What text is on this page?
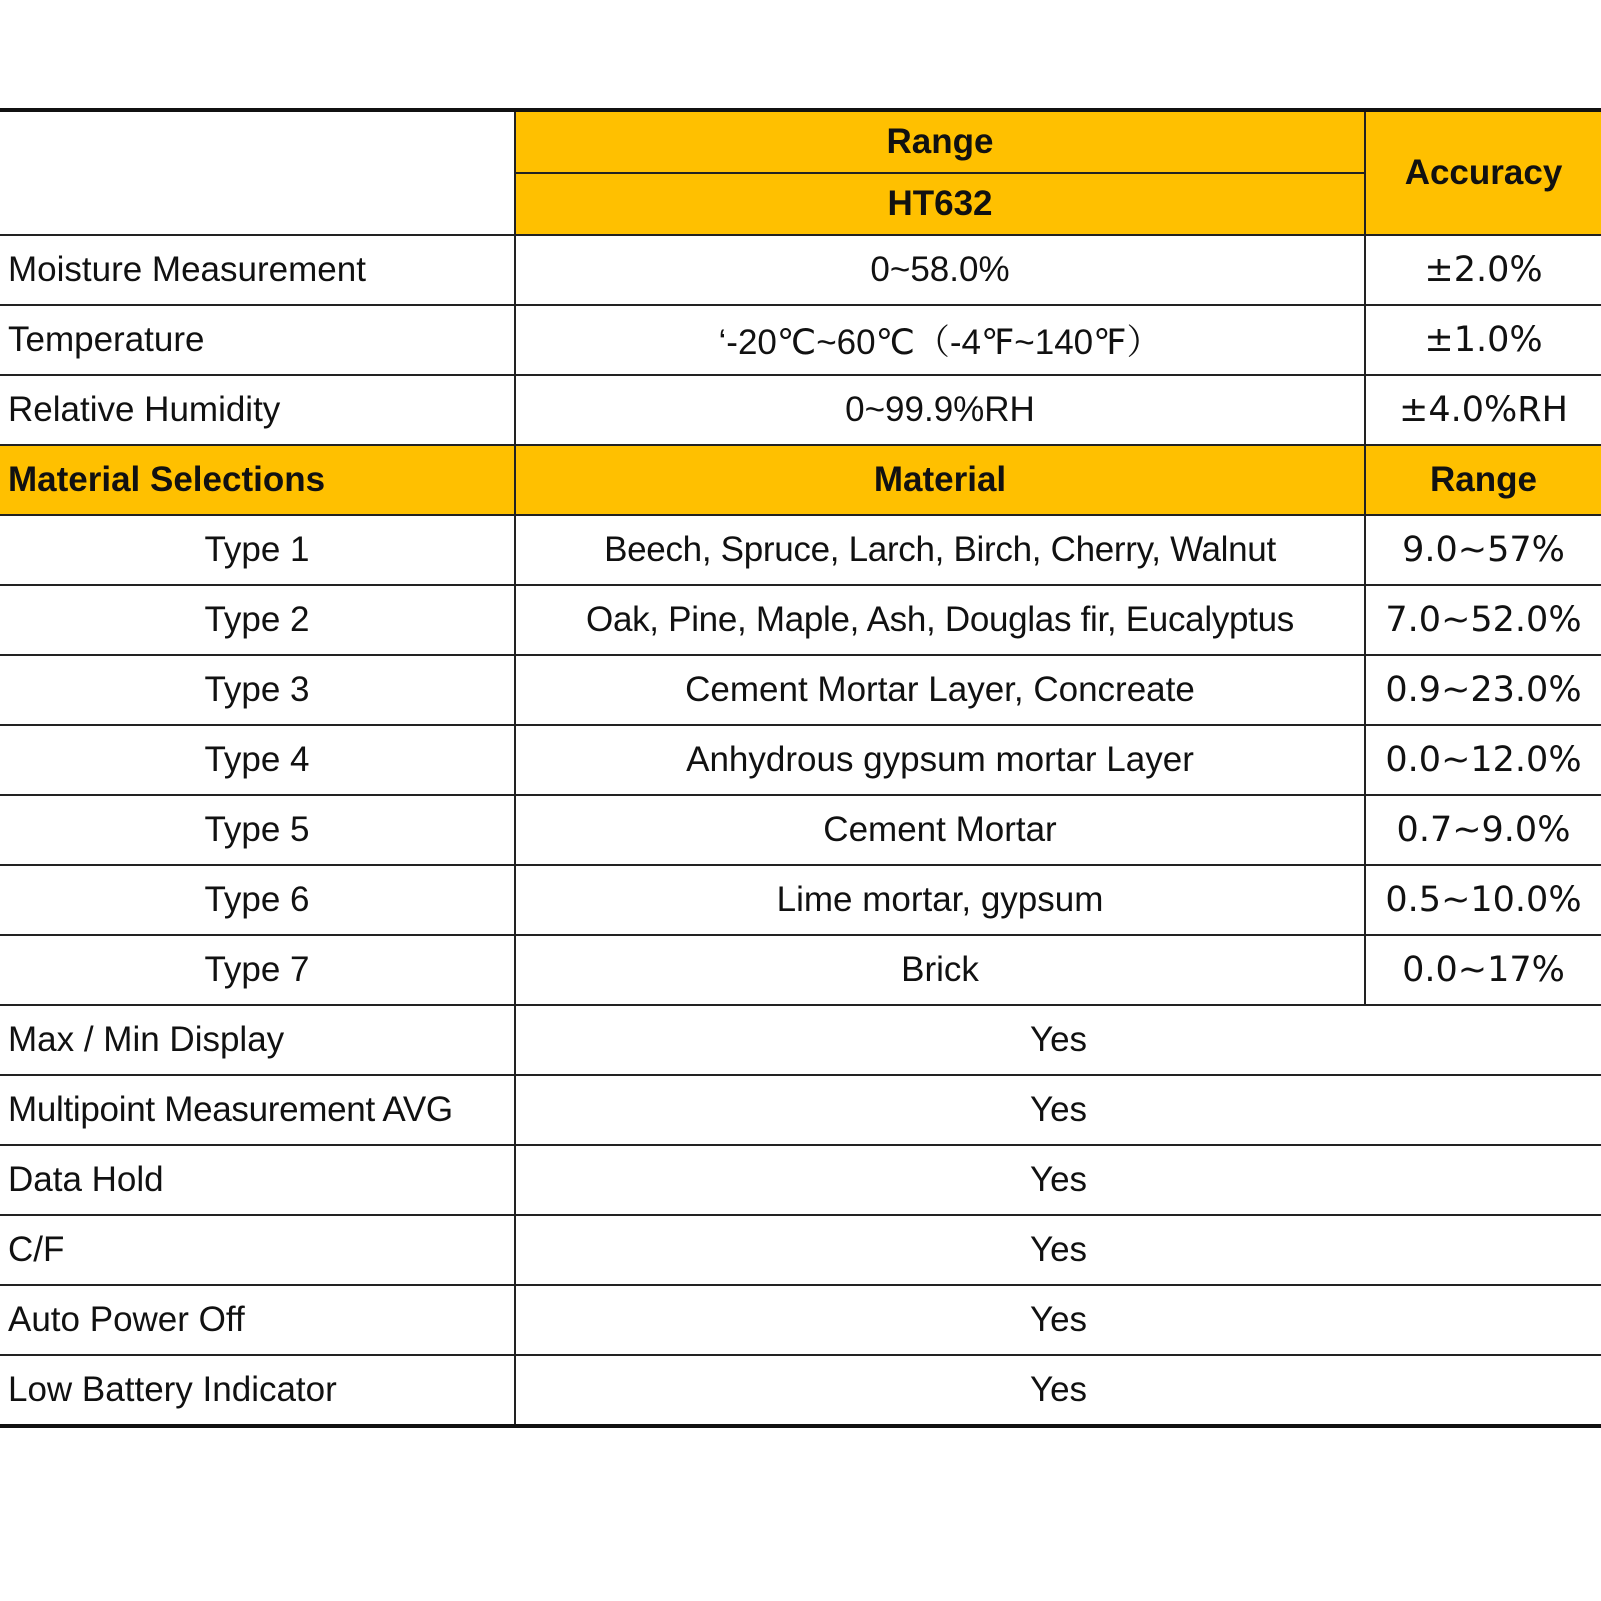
	Range	Accuracy
	HT632	
Moisture Measurement	0~58.0%	±2.0%
Temperature	‘-20℃~60℃（-4℉~140℉）	±1.0%
Relative Humidity	0~99.9%RH	±4.0%RH
Material Selections	Material	Range
Type 1	Beech, Spruce, Larch, Birch, Cherry, Walnut	9.0~57%
Type 2	Oak, Pine, Maple, Ash, Douglas fir, Eucalyptus	7.0~52.0%
Type 3	Cement Mortar Layer, Concreate	0.9~23.0%
Type 4	Anhydrous gypsum mortar Layer	0.0~12.0%
Type 5	Cement Mortar	0.7~9.0%
Type 6	Lime mortar, gypsum	0.5~10.0%
Type 7	Brick	0.0~17%
Max / Min Display	Yes	
Multipoint Measurement AVG	Yes	
Data Hold	Yes	
C/F	Yes	
Auto Power Off	Yes	
Low Battery Indicator	Yes	
